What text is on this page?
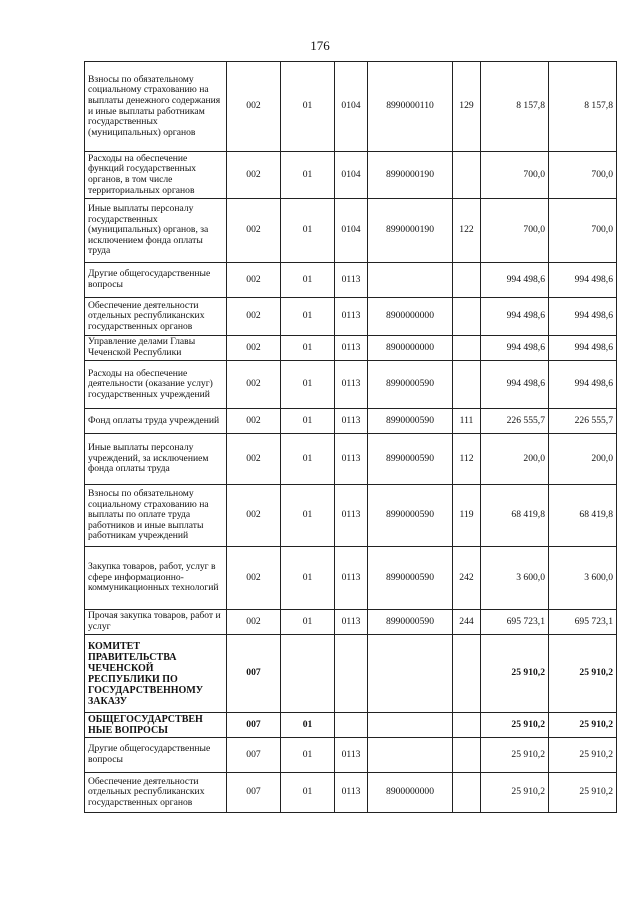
176
Взносы по обязательному социальному страхованию на выплаты денежного содержания и иные выплаты работникам государственных (муниципальных) органов	002	01	0104	8990000110	129	8 157,8	8 157,8
Расходы на обеспечение функций государственных органов, в том числе территориальных органов	002	01	0104	8990000190		700,0	700,0
Иные выплаты персоналу государственных (муниципальных) органов, за исключением фонда оплаты труда	002	01	0104	8990000190	122	700,0	700,0
Другие общегосударственные вопросы	002	01	0113			994 498,6	994 498,6
Обеспечение деятельности отдельных республиканских государственных органов	002	01	0113	8900000000		994 498,6	994 498,6
Управление делами Главы Чеченской Республики	002	01	0113	8900000000		994 498,6	994 498,6
Расходы на обеспечение деятельности (оказание услуг) государственных учреждений	002	01	0113	8990000590		994 498,6	994 498,6
Фонд оплаты труда учреждений	002	01	0113	8990000590	111	226 555,7	226 555,7
Иные выплаты персоналу учреждений, за исключением фонда оплаты труда	002	01	0113	8990000590	112	200,0	200,0
Взносы по обязательному социальному страхованию на выплаты по оплате труда работников и иные выплаты работникам учреждений	002	01	0113	8990000590	119	68 419,8	68 419,8
Закупка товаров, работ, услуг в сфере информационно-коммуникационных технологий	002	01	0113	8990000590	242	3 600,0	3 600,0
Прочая закупка товаров, работ и услуг	002	01	0113	8990000590	244	695 723,1	695 723,1
КОМИТЕТ ПРАВИТЕЛЬСТВА ЧЕЧЕНСКОЙ РЕСПУБЛИКИ ПО ГОСУДАРСТВЕННОМУ ЗАКАЗУ	007					25 910,2	25 910,2
ОБЩЕГОСУДАРСТВЕН НЫЕ ВОПРОСЫ	007	01				25 910,2	25 910,2
Другие общегосударственные вопросы	007	01	0113			25 910,2	25 910,2
Обеспечение деятельности отдельных республиканских государственных органов	007	01	0113	8900000000		25 910,2	25 910,2
